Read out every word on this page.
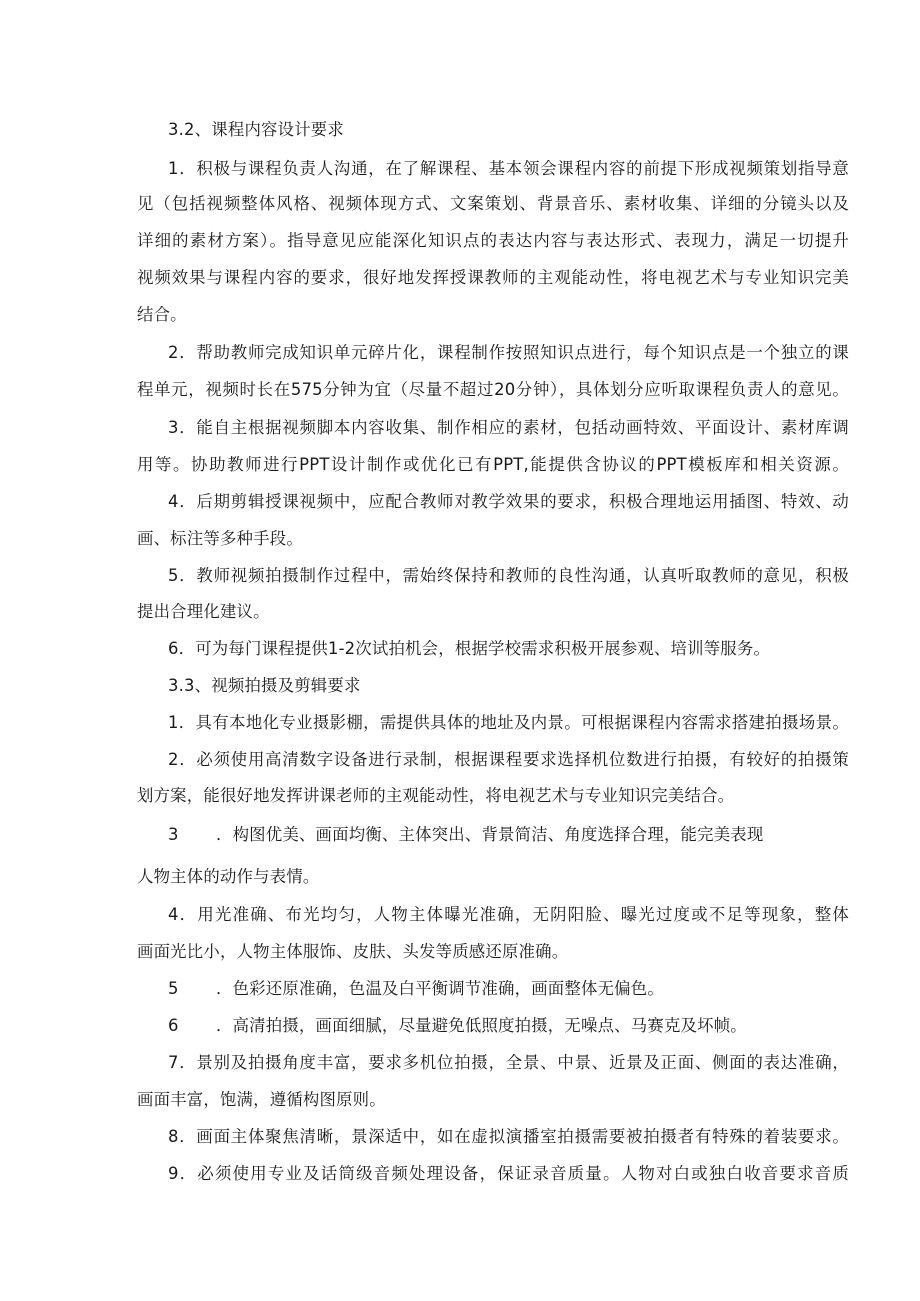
3.2、课程内容设计要求
1．积极与课程负责人沟通，在了解课程、基本领会课程内容的前提下形成视频策划指导意
见（包括视频整体风格、视频体现方式、文案策划、背景音乐、素材收集、详细的分镜头以及
详细的素材方案）。指导意见应能深化知识点的表达内容与表达形式、表现力，满足一切提升
视频效果与课程内容的要求，很好地发挥授课教师的主观能动性，将电视艺术与专业知识完美
结合。
2．帮助教师完成知识单元碎片化，课程制作按照知识点进行，每个知识点是一个独立的课
程单元，视频时长在575分钟为宜（尽量不超过20分钟），具体划分应听取课程负责人的意见。
3．能自主根据视频脚本内容收集、制作相应的素材，包括动画特效、平面设计、素材库调
用等。协助教师进行PPT设计制作或优化已有PPT,能提供含协议的PPT模板库和相关资源。
4．后期剪辑授课视频中，应配合教师对教学效果的要求，积极合理地运用插图、特效、动
画、标注等多种手段。
5．教师视频拍摄制作过程中，需始终保持和教师的良性沟通，认真听取教师的意见，积极
提出合理化建议。
6．可为每门课程提供1-2次试拍机会，根据学校需求积极开展参观、培训等服务。
3.3、视频拍摄及剪辑要求
1．具有本地化专业摄影棚，需提供具体的地址及内景。可根据课程内容需求搭建拍摄场景。
2．必须使用高清数字设备进行录制，根据课程要求选择机位数进行拍摄，有较好的拍摄策
划方案，能很好地发挥讲课老师的主观能动性，将电视艺术与专业知识完美结合。
3 ．构图优美、画面均衡、主体突出、背景简洁、角度选择合理，能完美表现
人物主体的动作与表情。
4．用光准确、布光均匀，人物主体曝光准确，无阴阳脸、曝光过度或不足等现象，整体
画面光比小，人物主体服饰、皮肤、头发等质感还原准确。
5 ．色彩还原准确，色温及白平衡调节准确，画面整体无偏色。
6 ．高清拍摄，画面细腻，尽量避免低照度拍摄，无噪点、马赛克及坏帧。
7．景别及拍摄角度丰富，要求多机位拍摄，全景、中景、近景及正面、侧面的表达准确，
画面丰富，饱满，遵循构图原则。
8．画面主体聚焦清晰，景深适中，如在虚拟演播室拍摄需要被拍摄者有特殊的着装要求。
9．必须使用专业及话筒级音频处理设备，保证录音质量。人物对白或独白收音要求音质
